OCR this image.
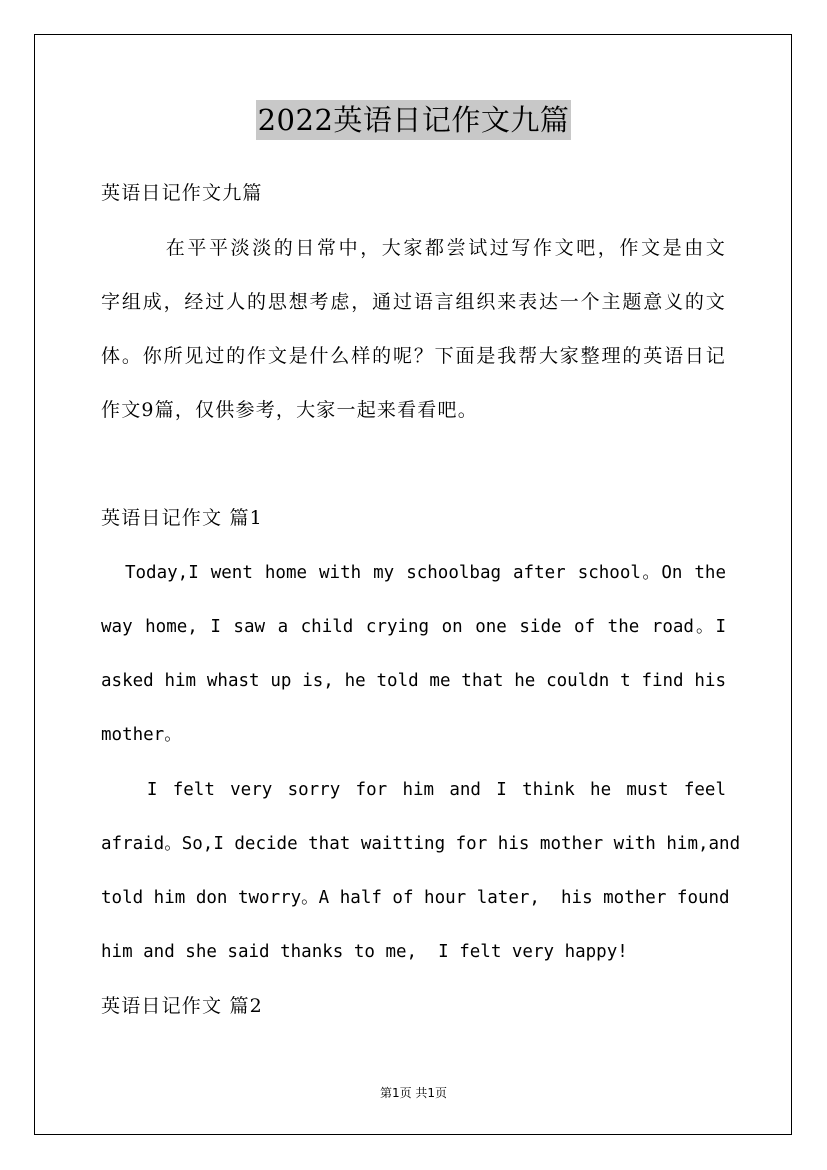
2022英语日记作文九篇
英语日记作文九篇
　　　在平平淡淡的日常中，大家都尝试过写作文吧，作文是由文
字组成，经过人的思想考虑，通过语言组织来表达一个主题意义的文
体。你所见过的作文是什么样的呢？下面是我帮大家整理的英语日记
作文9篇，仅供参考，大家一起来看看吧。
英语日记作文 篇1
Today,I went home with my schoolbag after school。On the
way home, I saw a child crying on one side of the road。I
asked him whast up is, he told me that he couldn t find his
mother。
I felt very sorry for him and I think he must feel
afraid。So,I decide that waitting for his mother with him,and
told him don tworry。A half of hour later,  his mother found
him and she said thanks to me,  I felt very happy!
英语日记作文 篇2
第1页 共1页
